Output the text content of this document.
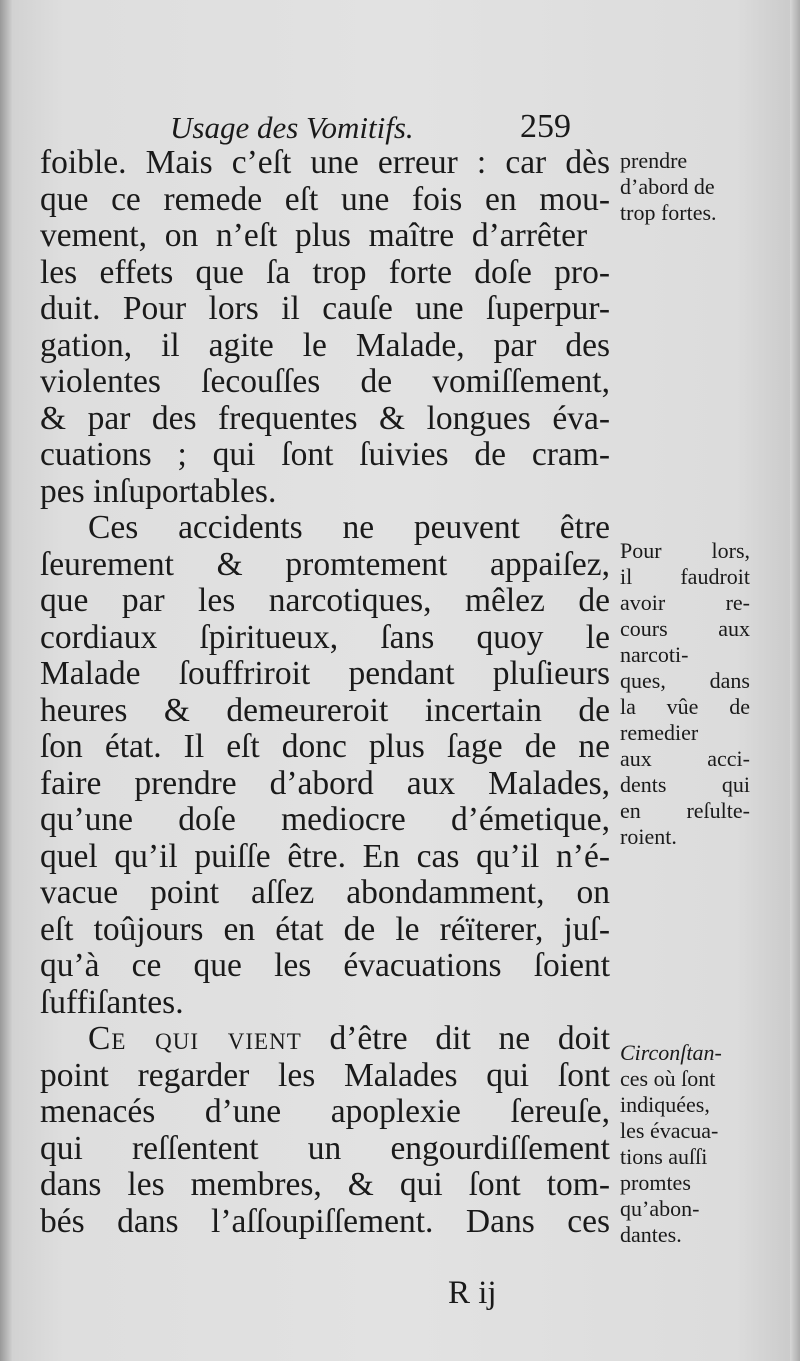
Usage des Vomitifs.	259
foible. Mais c’eſt une erreur : car dès
que ce remede eſt une fois en mou-
vement, on n’eſt plus maître d’arrêter
les effets que ſa trop forte doſe pro-
duit. Pour lors il cauſe une ſuperpur-
gation, il agite le Malade, par des
violentes ſecouſſes de vomiſſement,
& par des frequentes & longues éva-
cuations ; qui ſont ſuivies de cram-
pes inſuportables.
Ces accidents ne peuvent être
ſeurement & promtement appaiſez,
que par les narcotiques, mêlez de
cordiaux ſpiritueux, ſans quoy le
Malade ſouffriroit pendant pluſieurs
heures & demeureroit incertain de
ſon état. Il eſt donc plus ſage de ne
faire prendre d’abord aux Malades,
qu’une doſe mediocre d’émetique,
quel qu’il puiſſe être. En cas qu’il n’é-
vacue point aſſez abondamment, on
eſt toûjours en état de le réïterer, juſ-
qu’à ce que les évacuations ſoient
ſuffiſantes.
Ce qui vient d’être dit ne doit
point regarder les Malades qui ſont
menacés d’une apoplexie ſereuſe,
qui reſſentent un engourdiſſement
dans les membres, & qui ſont tom-
bés dans l’aſſoupiſſement. Dans ces
prendre
d’abord de
trop fortes.
Pour lors,
il faudroit
avoir re-
cours aux
narcoti-
ques, dans
la vûe de
remedier
aux acci-
dents qui
en reſulte-
roient.
Circonſtan-
ces où ſont
indiquées,
les évacua-
tions auſſi
promtes
qu’abon-
dantes.
R ij
